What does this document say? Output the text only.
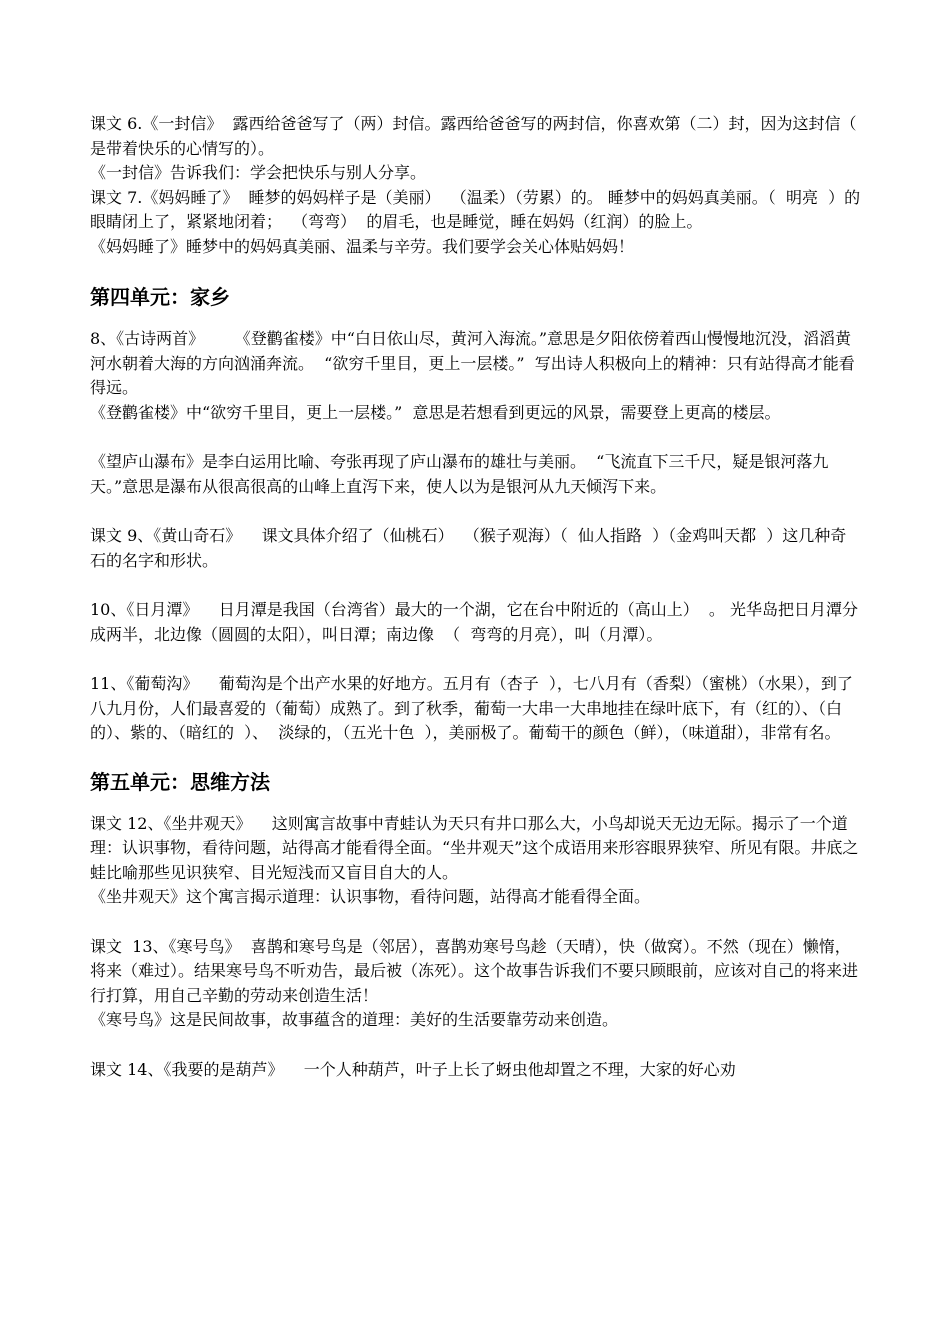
课文 6.《一封信》  露西给爸爸写了（两）封信。露西给爸爸写的两封信，你喜欢第（二）封，因为这封信（  是带着快乐的心情写的）。

《一封信》告诉我们：学会把快乐与别人分享。

课文 7.《妈妈睡了》  睡梦的妈妈样子是（美丽）  （温柔）（劳累）的。 睡梦中的妈妈真美丽。（  明亮  ）的眼睛闭上了，紧紧地闭着；  （弯弯）  的眉毛，也是睡觉，睡在妈妈（红润）的脸上。

《妈妈睡了》睡梦中的妈妈真美丽、温柔与辛劳。我们要学会关心体贴妈妈！

第四单元：家乡

8、《古诗两首》      《登鹳雀楼》中“白日依山尽，黄河入海流。”意思是夕阳依傍着西山慢慢地沉没，滔滔黄河水朝着大海的方向汹涌奔流。  “欲穷千里目，更上一层楼。”  写出诗人积极向上的精神：只有站得高才能看得远。

《登鹳雀楼》中“欲穷千里目，更上一层楼。”  意思是若想看到更远的风景，需要登上更高的楼层。

《望庐山瀑布》是李白运用比喻、夸张再现了庐山瀑布的雄壮与美丽。  “飞流直下三千尺，疑是银河落九天。”意思是瀑布从很高很高的山峰上直泻下来，使人以为是银河从九天倾泻下来。

课文 9、《黄山奇石》    课文具体介绍了（仙桃石）  （猴子观海）（  仙人指路  ）（金鸡叫天都  ）这几种奇石的名字和形状。

10、《日月潭》    日月潭是我国（台湾省）最大的一个湖，它在台中附近的（高山上）  。 光华岛把日月潭分成两半，北边像（圆圆的太阳），叫日潭；南边像  （  弯弯的月亮），叫（月潭）。

11、《葡萄沟》    葡萄沟是个出产水果的好地方。五月有（杏子  ），七八月有（香梨）（蜜桃）（水果），到了八九月份，人们最喜爱的（葡萄）成熟了。到了秋季，葡萄一大串一大串地挂在绿叶底下，有（红的）、（白的）、紫的、（暗红的  ）、  淡绿的，（五光十色  ），美丽极了。葡萄干的颜色（鲜），（味道甜），非常有名。

第五单元：思维方法

课文 12、《坐井观天》    这则寓言故事中青蛙认为天只有井口那么大，小鸟却说天无边无际。揭示了一个道理：认识事物，看待问题，站得高才能看得全面。“坐井观天”这个成语用来形容眼界狭窄、所见有限。井底之蛙比喻那些见识狭窄、目光短浅而又盲目自大的人。

《坐井观天》这个寓言揭示道理：认识事物，看待问题，站得高才能看得全面。

课文  13、《寒号鸟》  喜鹊和寒号鸟是（邻居），喜鹊劝寒号鸟趁（天晴），快（做窝）。不然（现在）懒惰，将来（难过）。结果寒号鸟不听劝告，最后被（冻死）。这个故事告诉我们不要只顾眼前，应该对自己的将来进行打算，用自己辛勤的劳动来创造生活！

《寒号鸟》这是民间故事，故事蕴含的道理：美好的生活要靠劳动来创造。

课文 14、《我要的是葫芦》    一个人种葫芦，叶子上长了蚜虫他却置之不理，大家的好心劝
